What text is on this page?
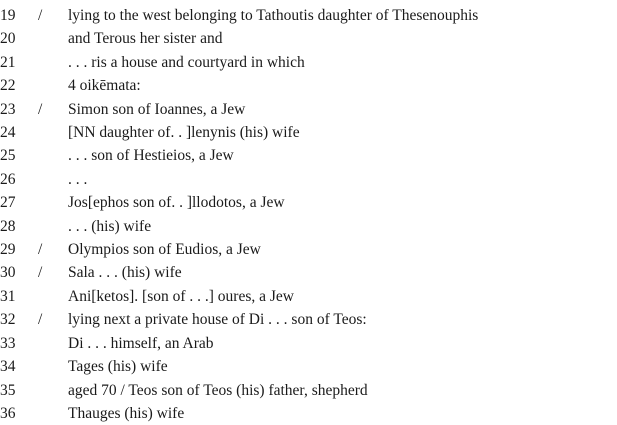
19	/	lying to the west belonging to Tathoutis daughter of Thesenouphis
20		and Terous her sister and
21		. . . ris a house and courtyard in which
22		4 oikēmata:
23	/	Simon son of Ioannes, a Jew
24		[NN daughter of. . ]lenynis (his) wife
25		. . . son of Hestieios, a Jew
26		. . .
27		Jos[ephos son of. . ]llodotos, a Jew
28		. . . (his) wife
29	/	Olympios son of Eudios, a Jew
30	/	Sala . . . (his) wife
31		Ani[ketos]. [son of . . .] oures, a Jew
32	/	lying next a private house of Di . . . son of Teos:
33		Di . . . himself, an Arab
34		Tages (his) wife
35		aged 70 / Teos son of Teos (his) father, shepherd
36		Thauges (his) wife
